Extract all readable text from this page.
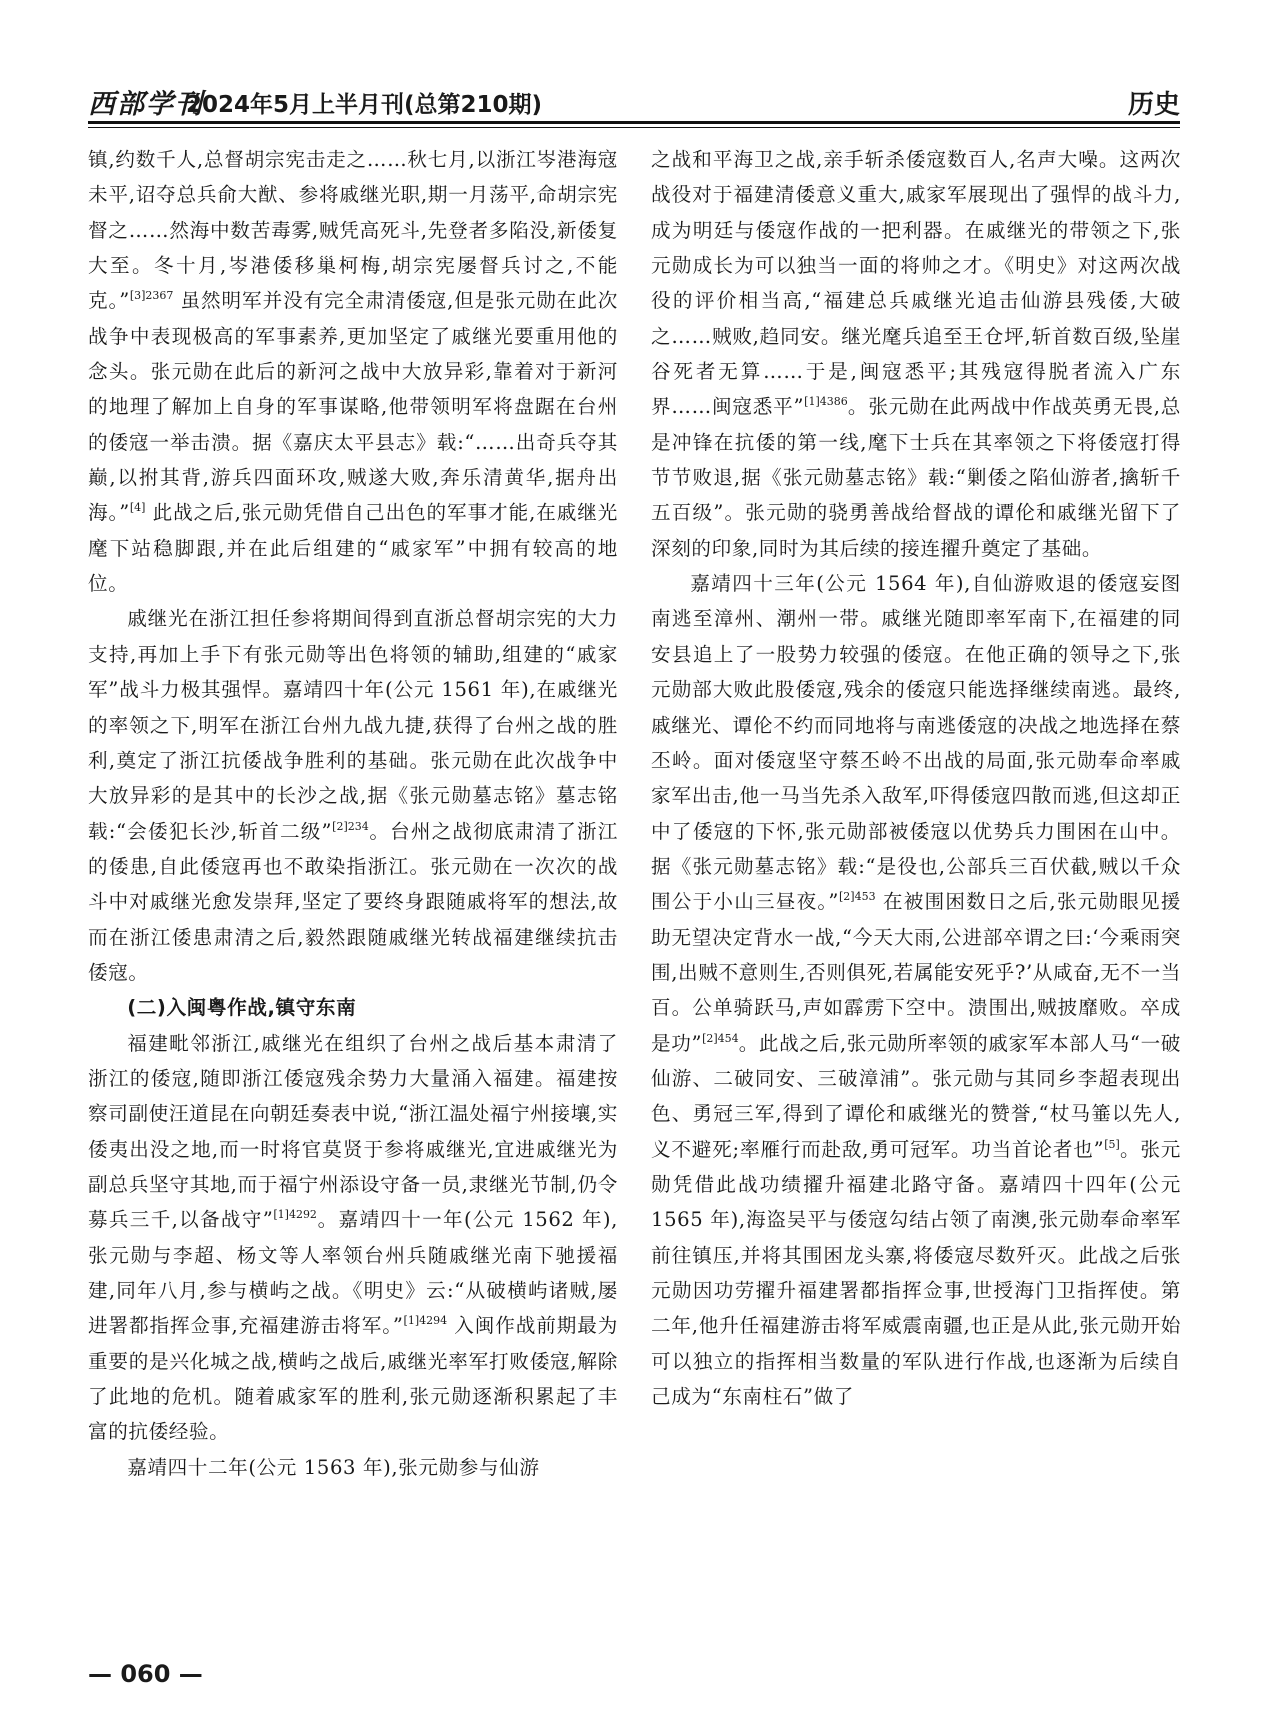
西部学刊
2024年5月上半月刊(总第210期)	历史

镇,约数千人,总督胡宗宪击走之……秋七月,以浙江岑港海寇未平,诏夺总兵俞大猷、参将戚继光职,期一月荡平,命胡宗宪督之……然海中数苦毒雾,贼凭高死斗,先登者多陷没,新倭复大至。冬十月,岑港倭移巢柯梅,胡宗宪屡督兵讨之,不能克。”$^{[3]2367}$ 虽然明军并没有完全肃清倭寇,但是张元勋在此次战争中表现极高的军事素养,更加坚定了戚继光要重用他的念头。张元勋在此后的新河之战中大放异彩,靠着对于新河的地理了解加上自身的军事谋略,他带领明军将盘踞在台州的倭寇一举击溃。据《嘉庆太平县志》载:“……出奇兵夺其巅,以拊其背,游兵四面环攻,贼遂大败,奔乐清黄华,据舟出海。”[4] 此战之后,张元勋凭借自己出色的军事才能,在戚继光麾下站稳脚跟,并在此后组建的“戚家军”中拥有较高的地位。

戚继光在浙江担任参将期间得到直浙总督胡宗宪的大力支持,再加上手下有张元勋等出色将领的辅助,组建的“戚家军”战斗力极其强悍。嘉靖四十年(公元 1561 年),在戚继光的率领之下,明军在浙江台州九战九捷,获得了台州之战的胜利,奠定了浙江抗倭战争胜利的基础。张元勋在此次战争中大放异彩的是其中的长沙之战,据《张元勋墓志铭》墓志铭载:“会倭犯长沙,斩首二级”$^{[2]234}$。台州之战彻底肃清了浙江的倭患,自此倭寇再也不敢染指浙江。张元勋在一次次的战斗中对戚继光愈发崇拜,坚定了要终身跟随戚将军的想法,故而在浙江倭患肃清之后,毅然跟随戚继光转战福建继续抗击倭寇。

(二)入闽粤作战,镇守东南

福建毗邻浙江,戚继光在组织了台州之战后基本肃清了浙江的倭寇,随即浙江倭寇残余势力大量涌入福建。福建按察司副使汪道昆在向朝廷奏表中说,“浙江温处福宁州接壤,实倭夷出没之地,而一时将官莫贤于参将戚继光,宜进戚继光为副总兵坚守其地,而于福宁州添设守备一员,隶继光节制,仍令募兵三千,以备战守”$^{[1]4292}$。嘉靖四十一年(公元 1562 年),张元勋与李超、杨文等人率领台州兵随戚继光南下驰援福建,同年八月,参与横屿之战。《明史》云:“从破横屿诸贼,屡进署都指挥佥事,充福建游击将军。”$^{[1]4294}$ 入闽作战前期最为重要的是兴化城之战,横屿之战后,戚继光率军打败倭寇,解除了此地的危机。随着戚家军的胜利,张元勋逐渐积累起了丰富的抗倭经验。

嘉靖四十二年(公元 1563 年),张元勋参与仙游

之战和平海卫之战,亲手斩杀倭寇数百人,名声大噪。这两次战役对于福建清倭意义重大,戚家军展现出了强悍的战斗力,成为明廷与倭寇作战的一把利器。在戚继光的带领之下,张元勋成长为可以独当一面的将帅之才。《明史》对这两次战役的评价相当高,“福建总兵戚继光追击仙游县残倭,大破之……贼败,趋同安。继光麾兵追至王仓坪,斩首数百级,坠崖谷死者无算……于是,闽寇悉平;其残寇得脱者流入广东界……闽寇悉平”$^{[1]4386}$。张元勋在此两战中作战英勇无畏,总是冲锋在抗倭的第一线,麾下士兵在其率领之下将倭寇打得节节败退,据《张元勋墓志铭》载:“剿倭之陷仙游者,擒斩千五百级”。张元勋的骁勇善战给督战的谭伦和戚继光留下了深刻的印象,同时为其后续的接连擢升奠定了基础。

嘉靖四十三年(公元 1564 年),自仙游败退的倭寇妄图南逃至漳州、潮州一带。戚继光随即率军南下,在福建的同安县追上了一股势力较强的倭寇。在他正确的领导之下,张元勋部大败此股倭寇,残余的倭寇只能选择继续南逃。最终,戚继光、谭伦不约而同地将与南逃倭寇的决战之地选择在蔡丕岭。面对倭寇坚守蔡丕岭不出战的局面,张元勋奉命率戚家军出击,他一马当先杀入敌军,吓得倭寇四散而逃,但这却正中了倭寇的下怀,张元勋部被倭寇以优势兵力围困在山中。据《张元勋墓志铭》载:“是役也,公部兵三百伏截,贼以千众围公于小山三昼夜。”$^{[2]453}$ 在被围困数日之后,张元勋眼见援助无望决定背水一战,“今天大雨,公进部卒谓之曰:‘今乘雨突围,出贼不意则生,否则俱死,若属能安死乎?’从咸奋,无不一当百。公单骑跃马,声如霹雳下空中。溃围出,贼披靡败。卒成是功”$^{[2]454}$。此战之后,张元勋所率领的戚家军本部人马“一破仙游、二破同安、三破漳浦”。张元勋与其同乡李超表现出色、勇冠三军,得到了谭伦和戚继光的赞誉,“杖马箠以先人,义不避死;率雁行而赴敌,勇可冠军。功当首论者也”[5]。张元勋凭借此战功绩擢升福建北路守备。嘉靖四十四年(公元 1565 年),海盗吴平与倭寇勾结占领了南澳,张元勋奉命率军前往镇压,并将其围困龙头寨,将倭寇尽数歼灭。此战之后张元勋因功劳擢升福建署都指挥佥事,世授海门卫指挥使。第二年,他升任福建游击将军威震南疆,也正是从此,张元勋开始可以独立的指挥相当数量的军队进行作战,也逐渐为后续自己成为“东南柱石”做了

— 060 —
